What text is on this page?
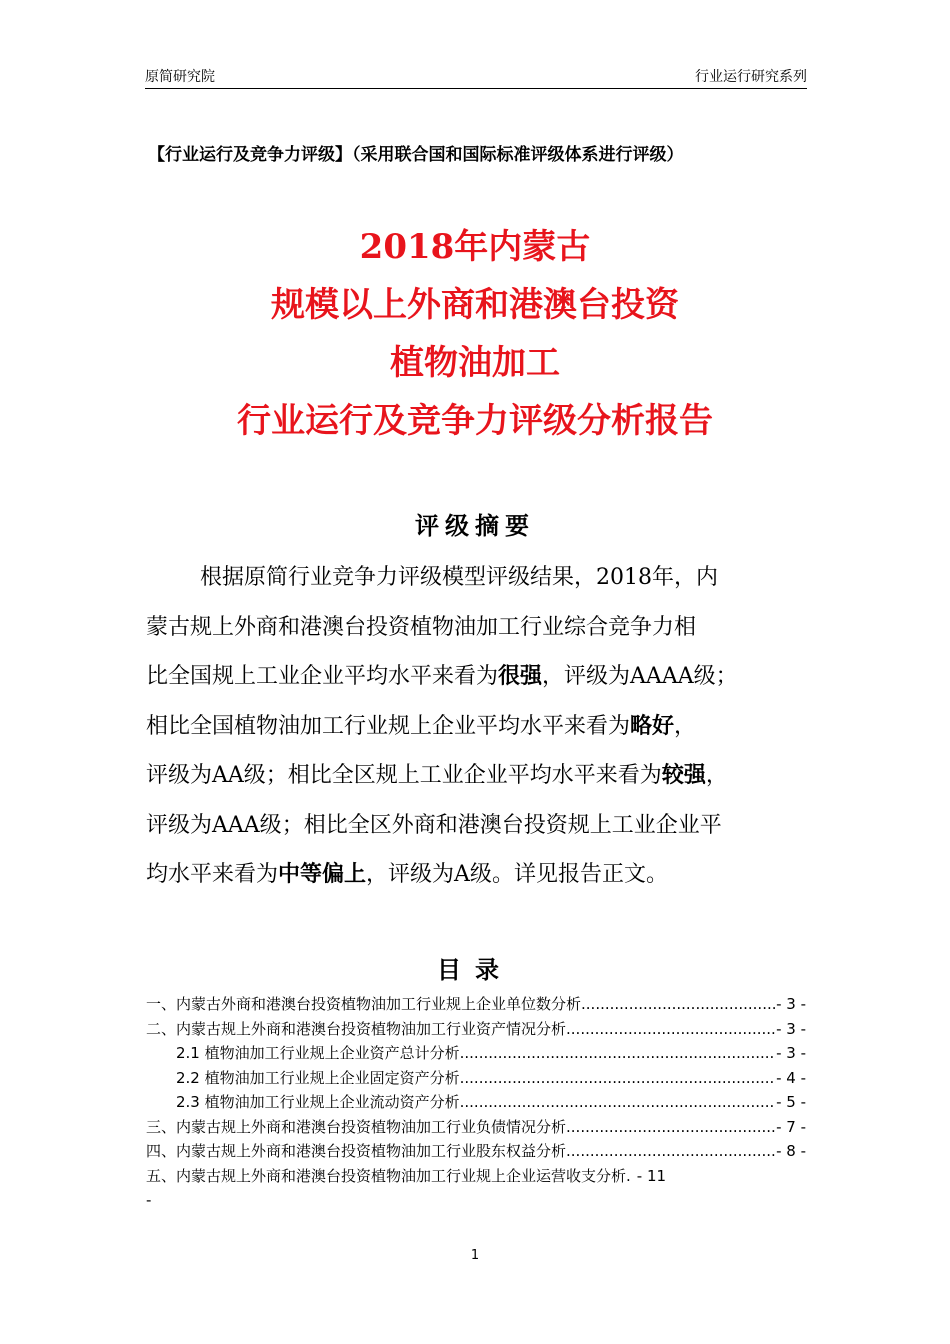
原简研究院	行业运行研究系列
【行业运行及竞争力评级】（采用联合国和国际标准评级体系进行评级）
2018年内蒙古
规模以上外商和港澳台投资
植物油加工
行业运行及竞争力评级分析报告
评级摘要
根据原简行业竞争力评级模型评级结果，2018年，内
蒙古规上外商和港澳台投资植物油加工行业综合竞争力相
比全国规上工业企业平均水平来看为很强，评级为AAAA级；
相比全国植物油加工行业规上企业平均水平来看为略好，
评级为AA级；相比全区规上工业企业平均水平来看为较强，
评级为AAA级；相比全区外商和港澳台投资规上工业企业平
均水平来看为中等偏上，评级为A级。详见报告正文。
目录
一、内蒙古外商和港澳台投资植物油加工行业规上企业单位数分析 .....	- 3 -
二、内蒙古规上外商和港澳台投资植物油加工行业资产情况分析 .....	- 3 -
2.1 植物油加工行业规上企业资产总计分析 .....	- 3 -
2.2 植物油加工行业规上企业固定资产分析 .....	- 4 -
2.3 植物油加工行业规上企业流动资产分析 .....	- 5 -
三、内蒙古规上外商和港澳台投资植物油加工行业负债情况分析 .....	- 7 -
四、内蒙古规上外商和港澳台投资植物油加工行业股东权益分析 .....	- 8 -
五、内蒙古规上外商和港澳台投资植物油加工行业规上企业运营收支分析. - 11
-
1
